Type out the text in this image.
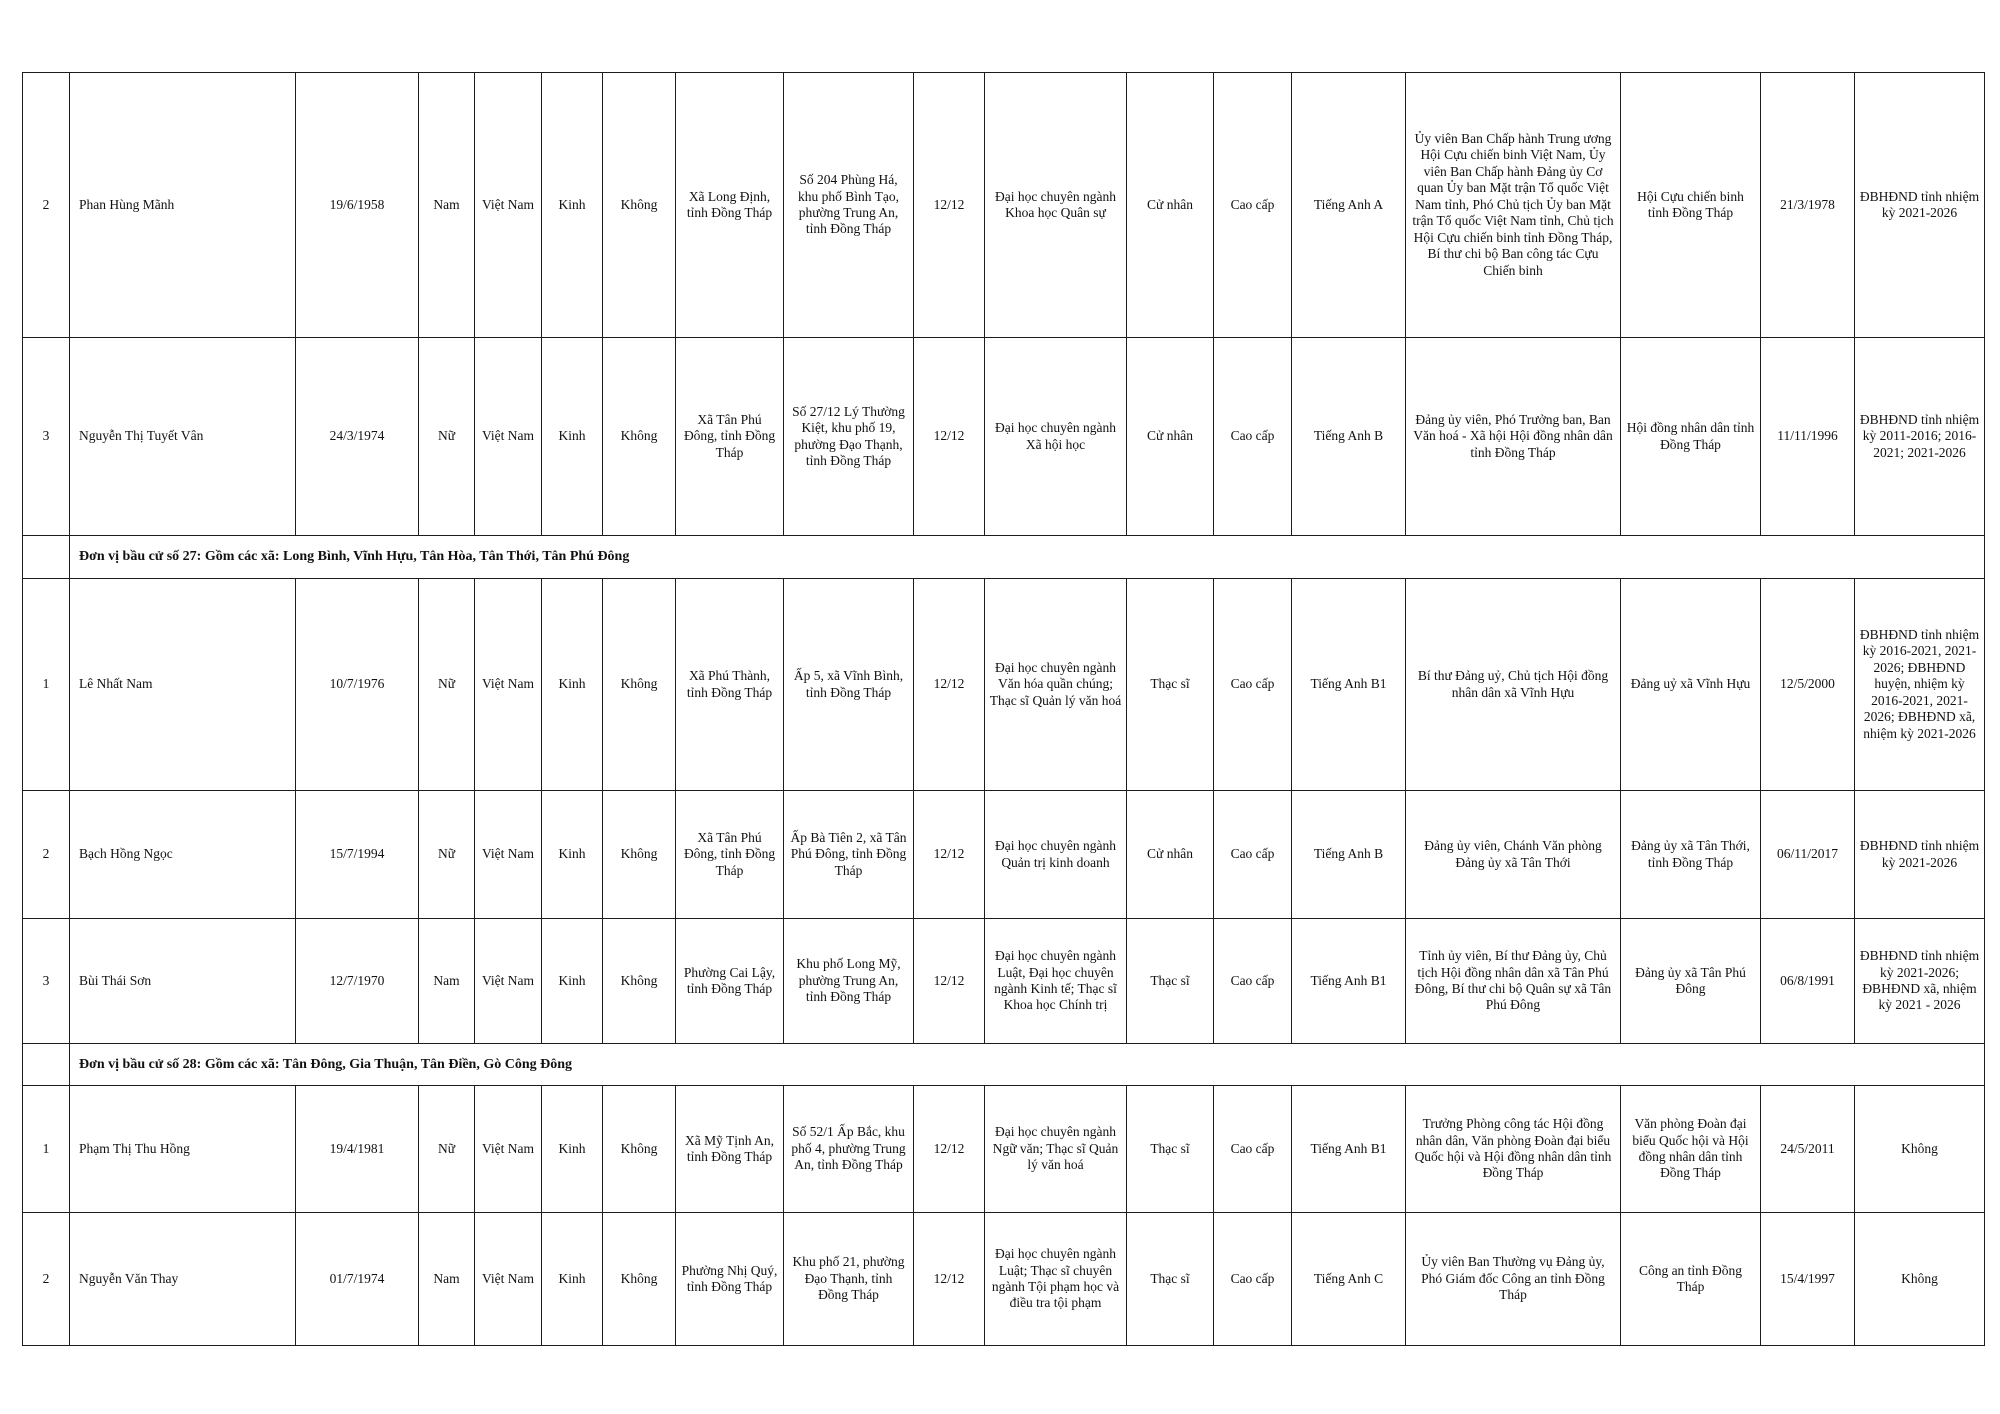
2	Phan Hùng Mãnh	19/6/1958	Nam	Việt Nam	Kinh	Không	Xã Long Định, tỉnh Đồng Tháp	Số 204 Phùng Há, khu phố Bình Tạo, phường Trung An, tỉnh Đồng Tháp	12/12	Đại học chuyên ngành Khoa học Quân sự	Cử nhân	Cao cấp	Tiếng Anh A	Ủy viên Ban Chấp hành Trung ương Hội Cựu chiến binh Việt Nam, Ủy viên Ban Chấp hành Đảng ủy Cơ quan Ủy ban Mặt trận Tổ quốc Việt Nam tỉnh, Phó Chủ tịch Ủy ban Mặt trận Tổ quốc Việt Nam tỉnh, Chủ tịch Hội Cựu chiến binh tỉnh Đồng Tháp, Bí thư chi bộ Ban công tác Cựu Chiến binh	Hội Cựu chiến binh tỉnh Đồng Tháp	21/3/1978	ĐBHĐND tỉnh nhiệm kỳ 2021-2026
3	Nguyễn Thị Tuyết Vân	24/3/1974	Nữ	Việt Nam	Kinh	Không	Xã Tân Phú Đông, tỉnh Đồng Tháp	Số 27/12 Lý Thường Kiệt, khu phố 19, phường Đạo Thạnh, tỉnh Đồng Tháp	12/12	Đại học chuyên ngành Xã hội học	Cử nhân	Cao cấp	Tiếng Anh B	Đảng ủy viên, Phó Trưởng ban, Ban Văn hoá - Xã hội Hội đồng nhân dân tỉnh Đồng Tháp	Hội đồng nhân dân tỉnh Đồng Tháp	11/11/1996	ĐBHĐND tỉnh nhiệm kỳ 2011-2016; 2016-2021; 2021-2026
	Đơn vị bầu cử số 27: Gồm các xã: Long Bình, Vĩnh Hựu, Tân Hòa, Tân Thới, Tân Phú Đông																
1	Lê Nhất Nam	10/7/1976	Nữ	Việt Nam	Kinh	Không	Xã Phú Thành, tỉnh Đồng Tháp	Ấp 5, xã Vĩnh Bình, tỉnh Đồng Tháp	12/12	Đại học chuyên ngành Văn hóa quần chúng; Thạc sĩ Quản lý văn hoá	Thạc sĩ	Cao cấp	Tiếng Anh B1	Bí thư Đảng uỷ, Chủ tịch Hội đồng nhân dân xã Vĩnh Hựu	Đảng uỷ xã Vĩnh Hựu	12/5/2000	ĐBHĐND tỉnh nhiệm kỳ 2016-2021, 2021-2026; ĐBHĐND huyện, nhiệm kỳ 2016-2021, 2021-2026; ĐBHĐND xã, nhiệm kỳ 2021-2026
2	Bạch Hồng Ngọc	15/7/1994	Nữ	Việt Nam	Kinh	Không	Xã Tân Phú Đông, tỉnh Đồng Tháp	Ấp Bà Tiên 2, xã Tân Phú Đông, tỉnh Đồng Tháp	12/12	Đại học chuyên ngành Quản trị kinh doanh	Cử nhân	Cao cấp	Tiếng Anh B	Đảng ủy viên, Chánh Văn phòng Đảng ủy xã Tân Thới	Đảng ủy xã Tân Thới, tỉnh Đồng Tháp	06/11/2017	ĐBHĐND tỉnh nhiệm kỳ 2021-2026
3	Bùi Thái Sơn	12/7/1970	Nam	Việt Nam	Kinh	Không	Phường Cai Lậy, tỉnh Đồng Tháp	Khu phố Long Mỹ, phường Trung An, tỉnh Đồng Tháp	12/12	Đại học chuyên ngành Luật, Đại học chuyên ngành Kinh tế; Thạc sĩ Khoa học Chính trị	Thạc sĩ	Cao cấp	Tiếng Anh B1	Tỉnh ủy viên, Bí thư Đảng ủy, Chủ tịch Hội đồng nhân dân xã Tân Phú Đông, Bí thư chi bộ Quân sự xã Tân Phú Đông	Đảng ủy xã Tân Phú Đông	06/8/1991	ĐBHĐND tỉnh nhiệm kỳ 2021-2026; ĐBHĐND xã, nhiệm kỳ 2021 - 2026
	Đơn vị bầu cử số 28: Gồm các xã: Tân Đông, Gia Thuận, Tân Điền, Gò Công Đông																
1	Phạm Thị Thu Hồng	19/4/1981	Nữ	Việt Nam	Kinh	Không	Xã Mỹ Tịnh An, tỉnh Đồng Tháp	Số 52/1 Ấp Bắc, khu phố 4, phường Trung An, tỉnh Đồng Tháp	12/12	Đại học chuyên ngành Ngữ văn; Thạc sĩ Quản lý văn hoá	Thạc sĩ	Cao cấp	Tiếng Anh B1	Trưởng Phòng công tác Hội đồng nhân dân, Văn phòng Đoàn đại biểu Quốc hội và Hội đồng nhân dân tỉnh Đồng Tháp	Văn phòng Đoàn đại biểu Quốc hội và Hội đồng nhân dân tỉnh Đồng Tháp	24/5/2011	Không
2	Nguyễn Văn Thay	01/7/1974	Nam	Việt Nam	Kinh	Không	Phường Nhị Quý, tỉnh Đồng Tháp	Khu phố 21, phường Đạo Thạnh, tỉnh Đồng Tháp	12/12	Đại học chuyên ngành Luật; Thạc sĩ chuyên ngành Tội phạm học và điều tra tội phạm	Thạc sĩ	Cao cấp	Tiếng Anh C	Ủy viên Ban Thường vụ Đảng ủy, Phó Giám đốc Công an tỉnh Đồng Tháp	Công an tỉnh Đồng Tháp	15/4/1997	Không
